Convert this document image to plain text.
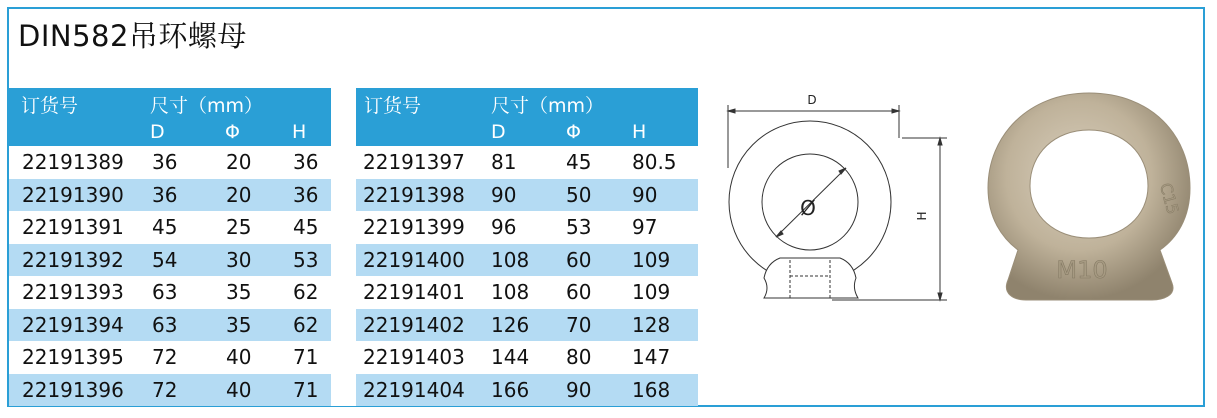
DIN582吊环螺母
订货号	尺寸（mm）
D	Φ	H
22191389 36 20 36
22191390 36 20 36
22191391 45 25 45
22191392 54 30 53
22191393 63 35 62
22191394 63 35 62
22191395 72 40 71
22191396 72 40 71
订货号	尺寸（mm）
D	Φ	H
22191397 81 45 80.5
22191398 90 50 90
22191399 96 53 97
22191400 108 60 109
22191401 108 60 109
22191402 126 70 128
22191403 144 80 147
22191404 166 90 168
D
H
Ø
M10
C15
